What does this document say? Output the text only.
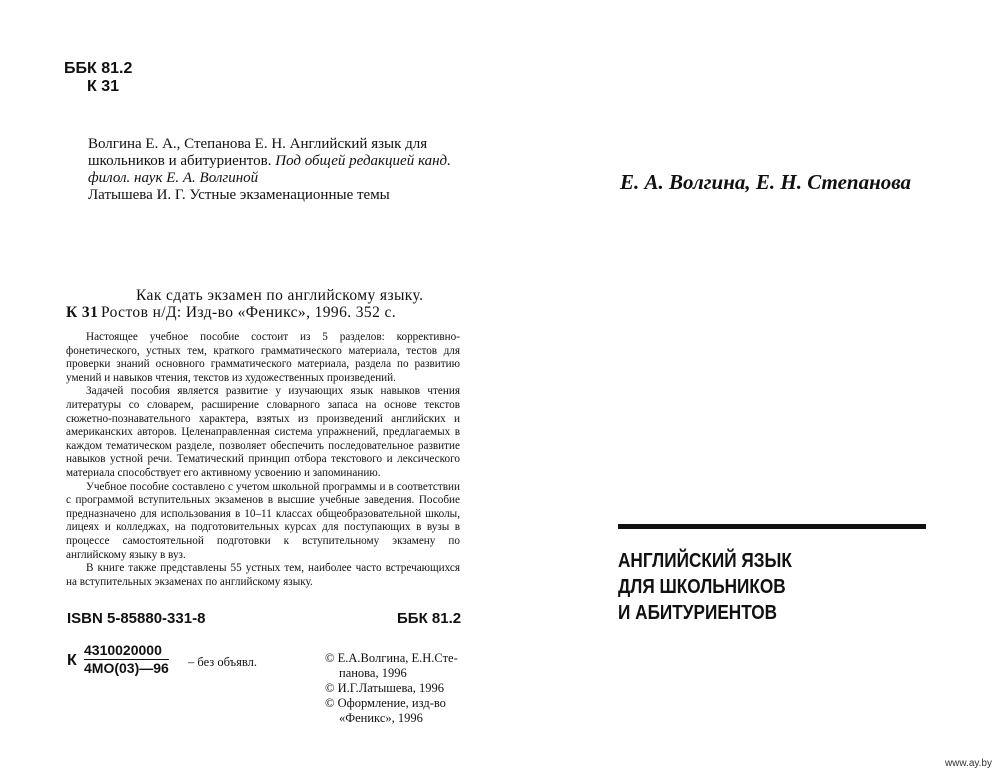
ББК 81.2
К 31
Волгина Е. А., Степанова Е. Н. Английский язык для
школьников и абитуриентов. Под общей редакцией канд.
филол. наук Е. А. Волгиной
Латышева И. Г. Устные экзаменационные темы
Как сдать экзамен по английскому языку.
К 31 Ростов н/Д: Изд-во «Феникс», 1996. 352 с.

Настоящее учебное пособие состоит из 5 разделов: коррективно-фонетического, устных тем, краткого грамматического материала, тестов для проверки знаний основного грамматического материала, раздела по развитию умений и навыков чтения, текстов из художественных произведений.

Задачей пособия является развитие у изучающих язык навыков чтения литературы со словарем, расширение словарного запаса на основе текстов сюжетно-познавательного характера, взятых из произведений английских и американских авторов. Целенаправленная система упражнений, предлагаемых в каждом тематическом разделе, позволяет обеспечить последовательное развитие навыков устной речи. Тематический принцип отбора текстового и лексического материала способствует его активному усвоению и запоминанию.

Учебное пособие составлено с учетом школьной программы и в соответствии с программой вступительных экзаменов в высшие учебные заведения. Пособие предназначено для использования в 10–11 классах общеобразовательной школы, лицеях и колледжах, на подготовительных курсах для поступающих в вузы в процессе самостоятельной подготовки к вступительному экзамену по английскому языку в вуз.

В книге также представлены 55 устных тем, наиболее часто встречающихся на вступительных экзаменах по английскому языку.

ISBN 5-85880-331-8	ББК 81.2
К
4310020000
4МО(03)—96 – без объявл.	© Е.А.Волгина, Е.Н.Сте-
панова, 1996
© И.Г.Латышева, 1996
© Оформление, изд-во
«Феникс», 1996
Е. А. Волгина, Е. Н. Степанова
АНГЛИЙСКИЙ ЯЗЫК
ДЛЯ ШКОЛЬНИКОВ
И АБИТУРИЕНТОВ
www.ay.by
